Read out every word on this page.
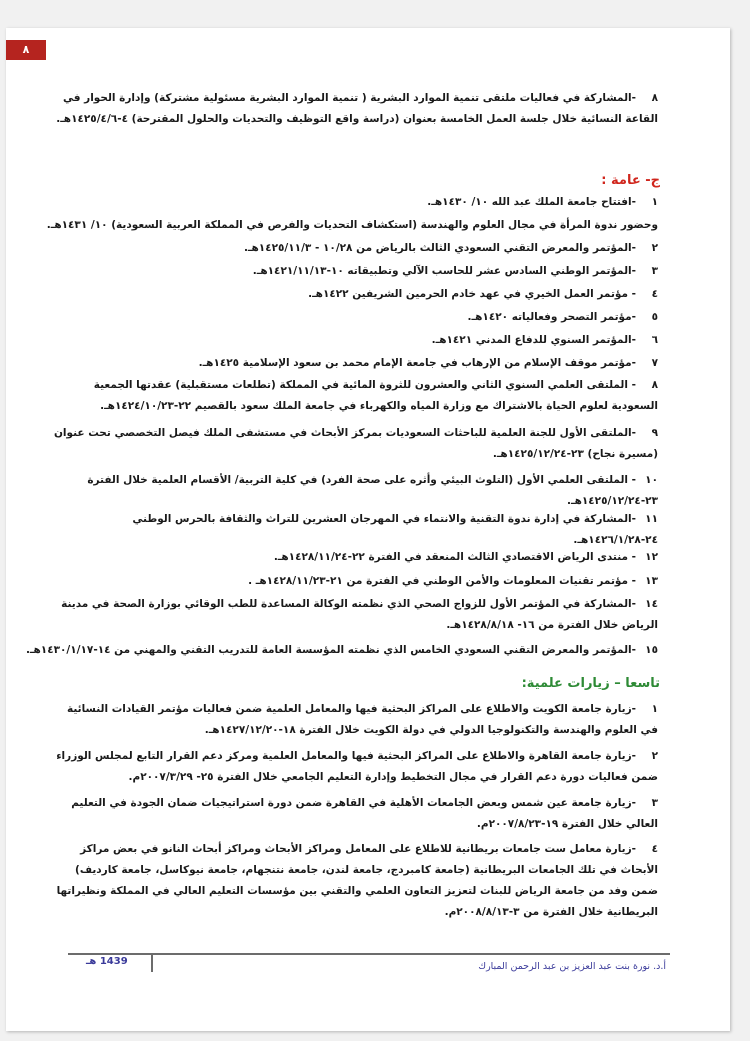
٨
٨-المشاركة في فعاليات ملتقى تنمية الموارد البشرية ( تنمية الموارد البشرية مسئولية مشتركة) وإدارة الحوار في القاعة النسائية خلال جلسة العمل الخامسة بعنوان (دراسة واقع التوظيف والتحديات والحلول المقترحة) ٤-١٤٢٥/٤/٦هـ.
ج- عامة :
١-افتتاح جامعة الملك عبد الله ١٠/ ١٤٣٠هـ.
وحضور ندوة المرأة في مجال العلوم والهندسة (استكشاف التحديات والفرص في المملكة العربية السعودية) ١٠/ ١٤٣١هـ.
٢-المؤتمر والمعرض التقني السعودي الثالث بالرياض من ١٠/٢٨ - ١٤٢٥/١١/٣هـ.
٣-المؤتمر الوطني السادس عشر للحاسب الآلي وتطبيقاته ١٠-١٤٢١/١١/١٣هـ.
٤- مؤتمر العمل الخيري في عهد خادم الحرمين الشريفين ١٤٢٢هـ.
٥-مؤتمر التصحر وفعالياته ١٤٢٠هـ.
٦-المؤتمر السنوي للدفاع المدني ١٤٢١هـ.
٧-مؤتمر موقف الإسلام من الإرهاب في جامعة الإمام محمد بن سعود الإسلامية ١٤٢٥هـ.
٨- الملتقى العلمي السنوي الثاني والعشرون للثروة المائية في المملكة (تطلعات مستقبلية) عقدتها الجمعية السعودية لعلوم الحياة بالاشتراك مع وزارة المياه والكهرباء في جامعة الملك سعود بالقصيم ٢٢-١٤٢٤/١٠/٢٣هـ.
٩-الملتقى الأول للجنة العلمية للباحثات السعوديات بمركز الأبحاث في مستشفى الملك فيصل التخصصي تحت عنوان (مسيرة نجاح) ٢٣-١٤٢٥/١٢/٢٤هـ.
١٠- الملتقى العلمي الأول (التلوث البيئي وأثره على صحة الفرد) في كلية التربية/ الأقسام العلمية خلال الفترة ٢٣-١٤٢٥/١٢/٢٤هـ.
١١-المشاركة في إدارة ندوة التقنية والانتماء في المهرجان العشرين للتراث والثقافة بالحرس الوطني ٢٤-١٤٢٦/١/٢٨هـ.
١٢- منتدى الرياض الاقتصادي الثالث المنعقد في الفترة ٢٢-١٤٢٨/١١/٢٤هـ.
١٣- مؤتمر تقنيات المعلومات والأمن الوطني في الفترة من ٢١-١٤٢٨/١١/٢٣هـ .
١٤-المشاركة في المؤتمر الأول للزواج الصحي الذي نظمته الوكالة المساعدة للطب الوقائي بوزارة الصحة في مدينة الرياض خلال الفترة من ١٦- ١٤٢٨/٨/١٨هـ.
١٥-المؤتمر والمعرض التقني السعودي الخامس الذي نظمته المؤسسة العامة للتدريب التقني والمهني من ١٤-١٤٣٠/١/١٧هـ.
تاسعا – زيارات علمية:
١-زيارة جامعة الكويت والاطلاع على المراكز البحثية فيها والمعامل العلمية ضمن فعاليات مؤتمر القيادات النسائية في العلوم والهندسة والتكنولوجيا الدولي في دولة الكويت خلال الفترة ١٨-١٤٢٧/١٢/٢٠هـ.
٢-زيارة جامعة القاهرة والاطلاع على المراكز البحثية فيها والمعامل العلمية ومركز دعم القرار التابع لمجلس الوزراء ضمن فعاليات دورة دعم القرار في مجال التخطيط وإدارة التعليم الجامعي خلال الفترة ٢٥- ٢٠٠٧/٣/٢٩م.
٣-زيارة جامعة عين شمس وبعض الجامعات الأهلية في القاهرة ضمن دورة استراتيجيات ضمان الجودة في التعليم العالي خلال الفترة ١٩-٢٠٠٧/٨/٢٣م.
٤-زيارة معامل ست جامعات بريطانية للاطلاع على المعامل ومراكز الأبحاث ومراكز أبحاث النانو في بعض مراكز الأبحاث في تلك الجامعات البريطانية (جامعة كامبردج، جامعة لندن، جامعة نتنجهام، جامعة نيوكاسل، جامعة كارديف) ضمن وفد من جامعة الرياض للبنات لتعزيز التعاون العلمي والتقني بين مؤسسات التعليم العالي في المملكة ونظيراتها البريطانية خلال الفترة من ٣-٢٠٠٨/٨/١٣م.
1439 هـ	أ.د. نورة بنت عبد العزيز بن عبد الرحمن المبارك
